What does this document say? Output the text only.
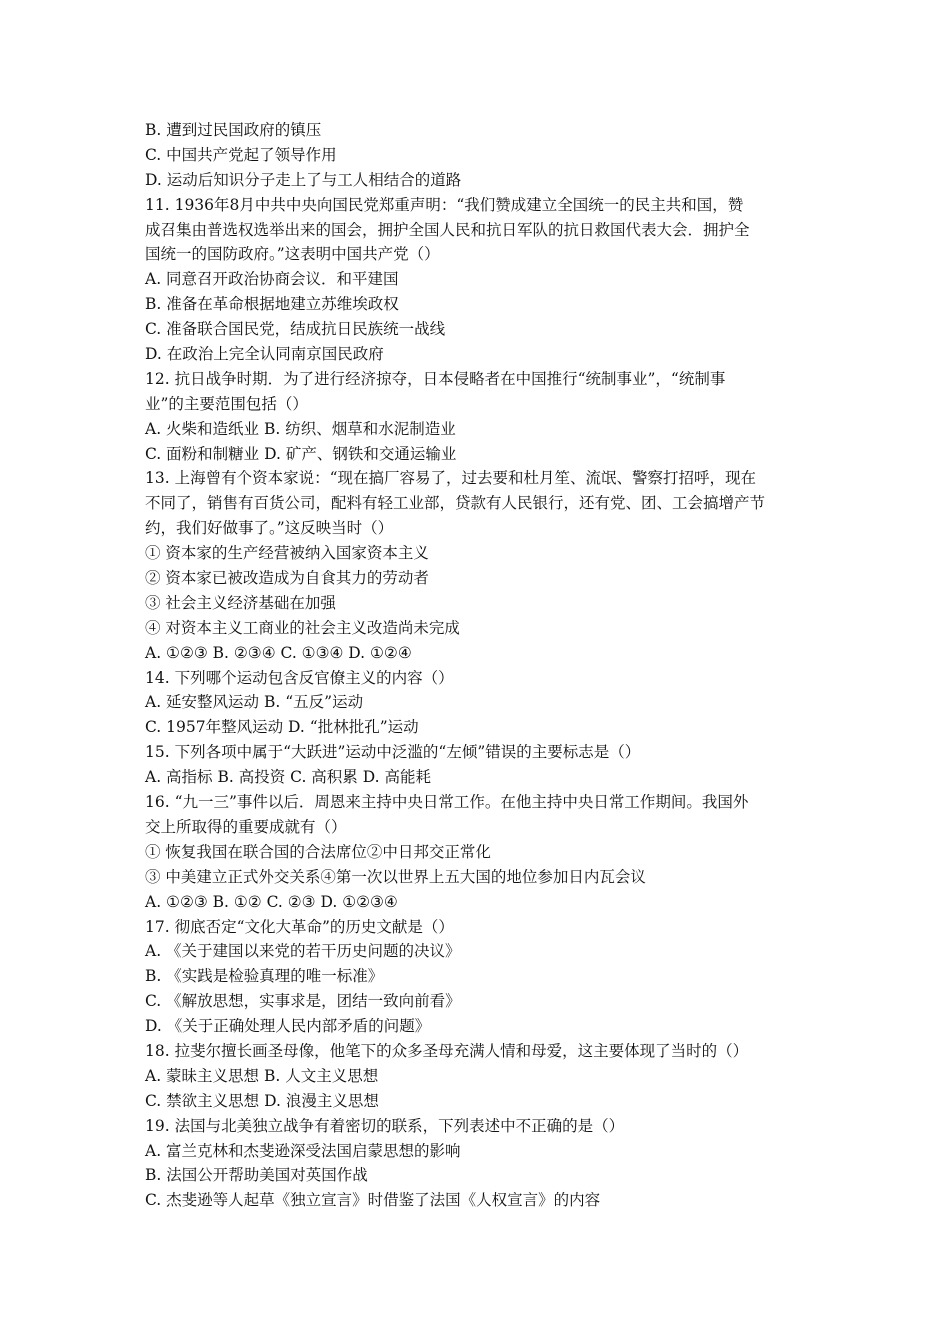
B. 遭到过民国政府的镇压
C. 中国共产党起了领导作用
D. 运动后知识分子走上了与工人相结合的道路
11. 1936年8月中共中央向国民党郑重声明：“我们赞成建立全国统一的民主共和国，赞
成召集由普选权选举出来的国会，拥护全国人民和抗日军队的抗日救国代表大会．拥护全
国统一的国防政府。”这表明中国共产党（）
A. 同意召开政治协商会议．和平建国
B. 准备在革命根据地建立苏维埃政权
C. 准备联合国民党，结成抗日民族统一战线
D. 在政治上完全认同南京国民政府
12. 抗日战争时期．为了进行经济掠夺，日本侵略者在中国推行“统制事业”，“统制事
业”的主要范围包括（）
A. 火柴和造纸业 B. 纺织、烟草和水泥制造业
C. 面粉和制糖业 D. 矿产、钢铁和交通运输业
13. 上海曾有个资本家说：“现在搞厂容易了，过去要和杜月笙、流氓、警察打招呼，现在
不同了，销售有百货公司，配料有轻工业部，贷款有人民银行，还有党、团、工会搞增产节
约，我们好做事了。”这反映当时（）
① 资本家的生产经营被纳入国家资本主义
② 资本家已被改造成为自食其力的劳动者
③ 社会主义经济基础在加强
④ 对资本主义工商业的社会主义改造尚未完成
A. ①②③ B. ②③④ C. ①③④ D. ①②④
14. 下列哪个运动包含反官僚主义的内容（）
A. 延安整风运动 B. “五反”运动
C. 1957年整风运动 D. “批林批孔”运动
15. 下列各项中属于“大跃进”运动中泛滥的“左倾”错误的主要标志是（）
A. 高指标 B. 高投资 C. 高积累 D. 高能耗
16. “九一三”事件以后．周恩来主持中央日常工作。在他主持中央日常工作期间。我国外
交上所取得的重要成就有（）
① 恢复我国在联合国的合法席位②中日邦交正常化
③ 中美建立正式外交关系④第一次以世界上五大国的地位参加日内瓦会议
A. ①②③ B. ①② C. ②③ D. ①②③④
17. 彻底否定“文化大革命”的历史文献是（）
A. 《关于建国以来党的若干历史问题的决议》
B. 《实践是检验真理的唯一标准》
C. 《解放思想，实事求是，团结一致向前看》
D. 《关于正确处理人民内部矛盾的问题》
18. 拉斐尔擅长画圣母像，他笔下的众多圣母充满人情和母爱，这主要体现了当时的（）
A. 蒙昧主义思想 B. 人文主义思想
C. 禁欲主义思想 D. 浪漫主义思想
19. 法国与北美独立战争有着密切的联系，下列表述中不正确的是（）
A. 富兰克林和杰斐逊深受法国启蒙思想的影响
B. 法国公开帮助美国对英国作战
C. 杰斐逊等人起草《独立宣言》时借鉴了法国《人权宣言》的内容
